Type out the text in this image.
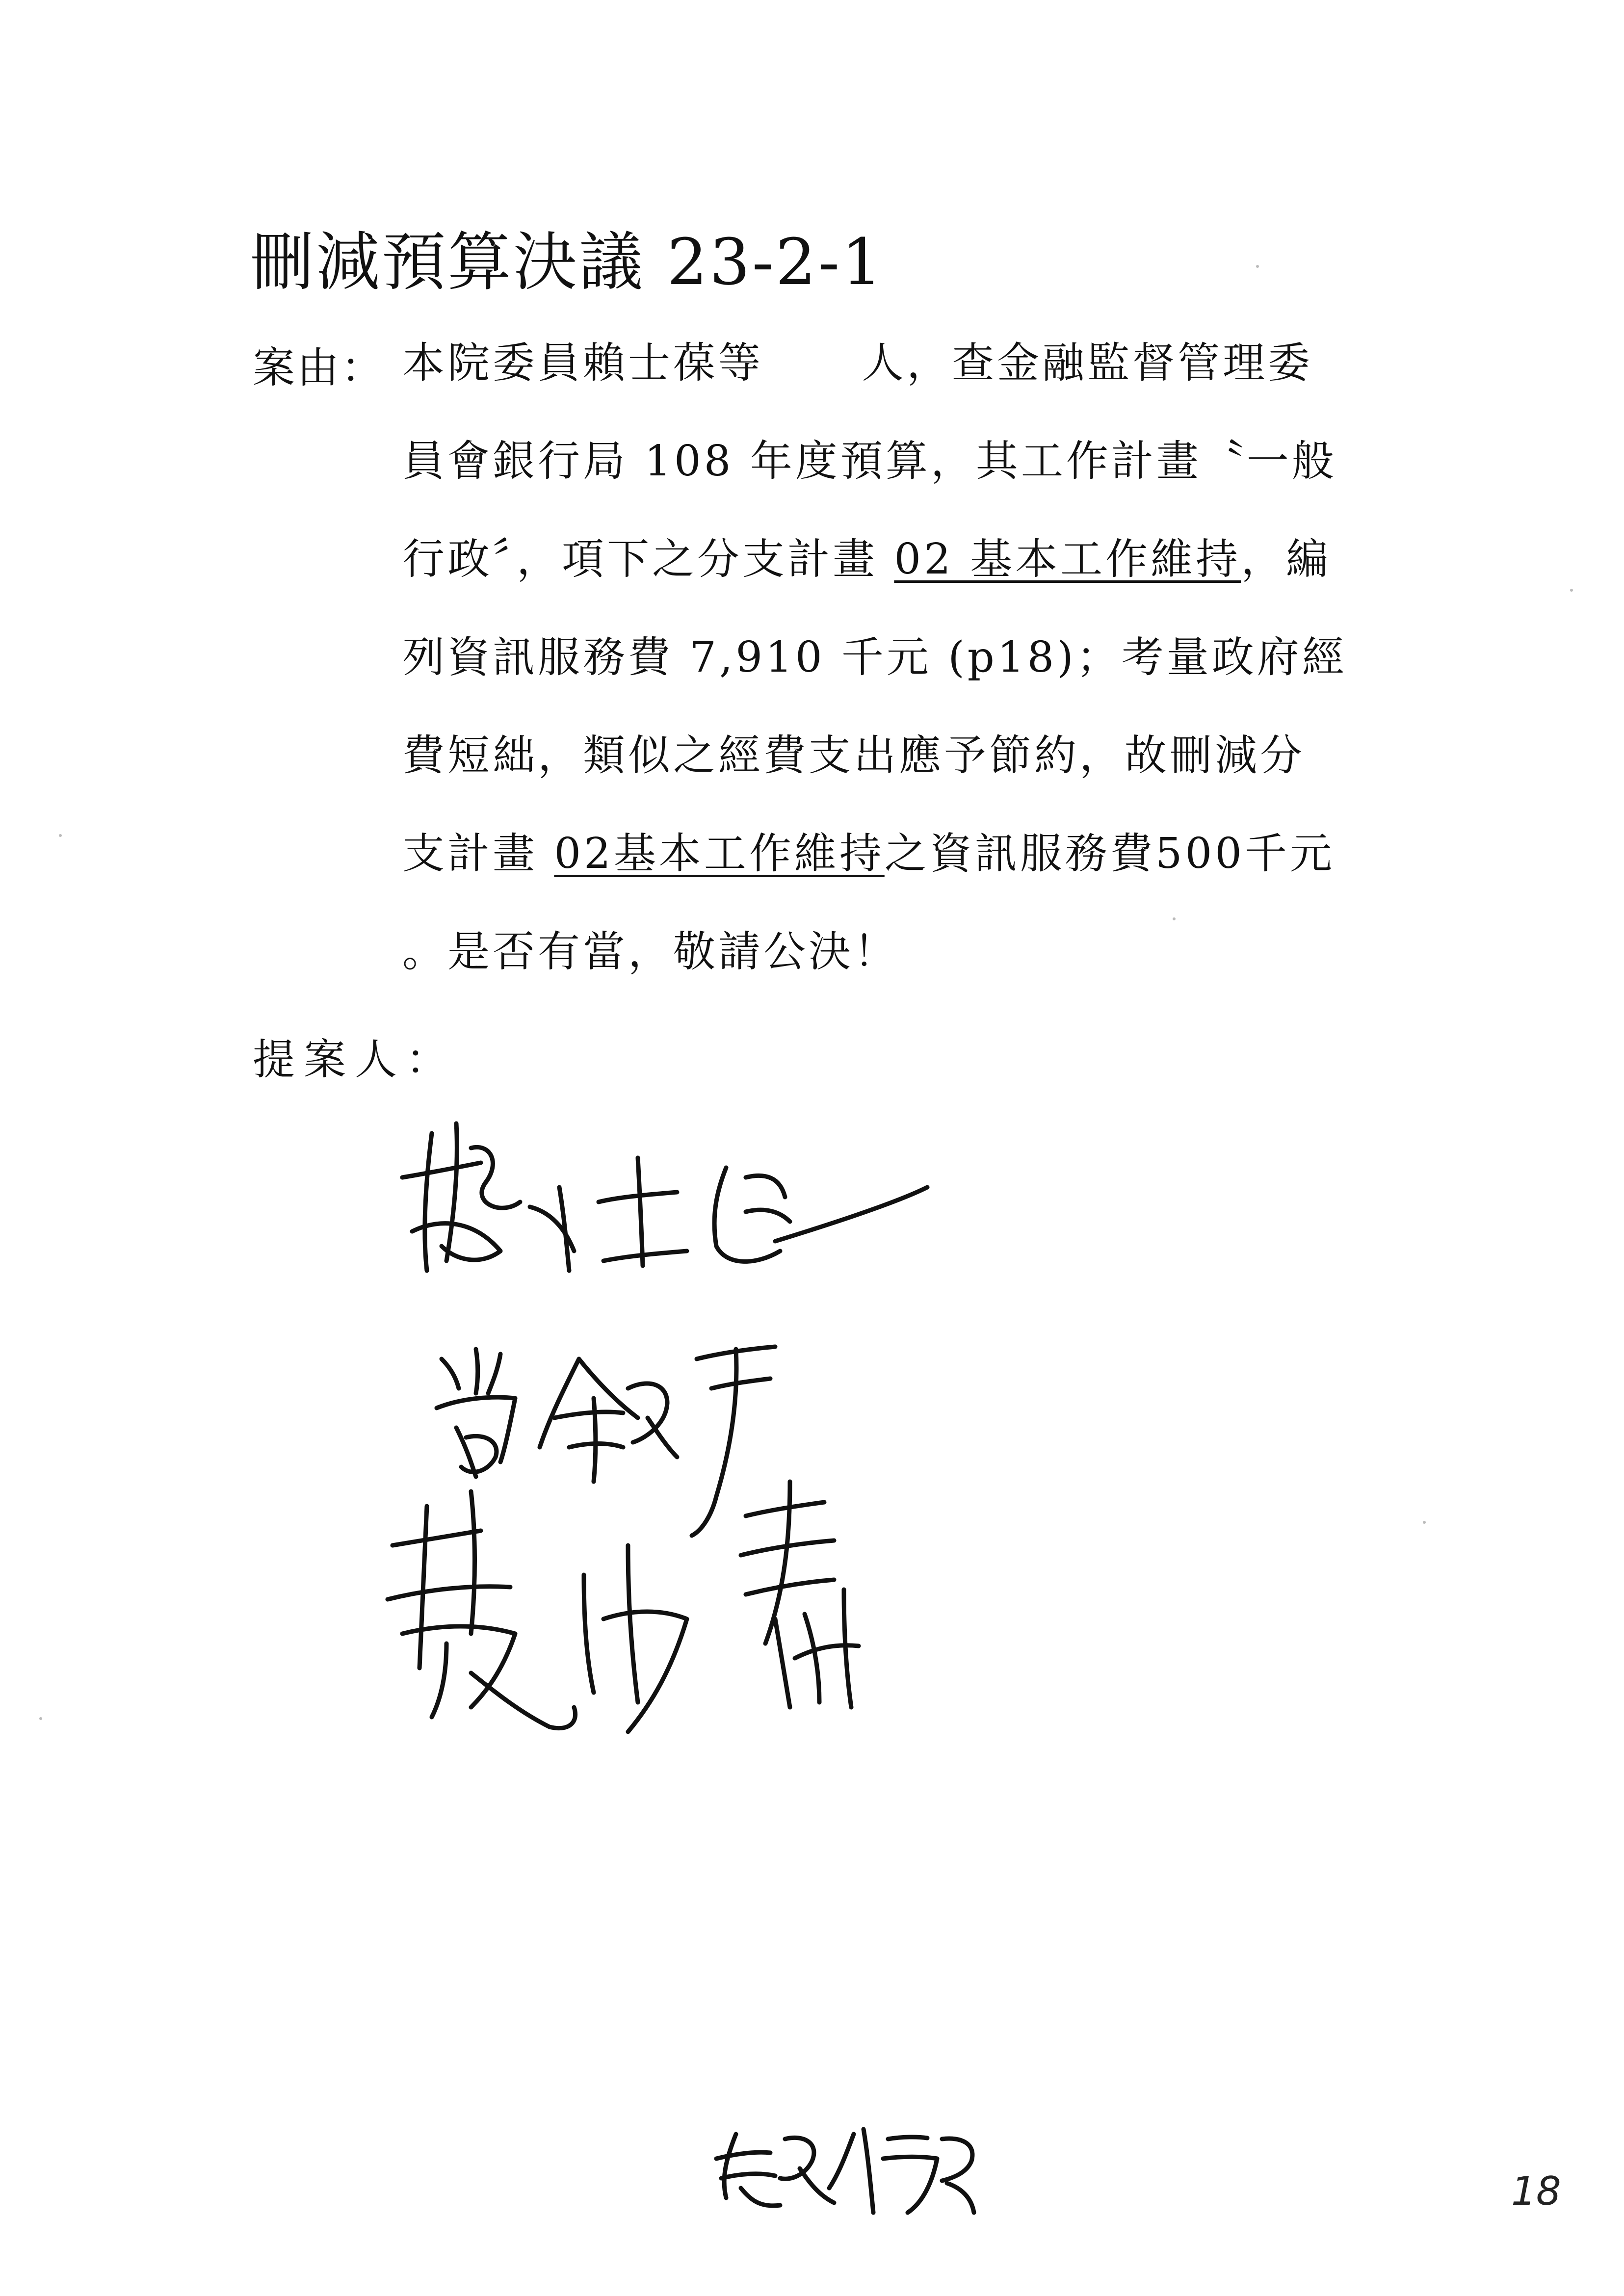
刪減預算決議 23-2-1
案由： 本院委員賴士葆等 人，查金融監督管理委
員會銀行局 108 年度預算，其工作計畫〝一般
行政〞，項下之分支計畫 02 基本工作維持，編
列資訊服務費 7,910 千元 (p18)；考量政府經
費短絀，類似之經費支出應予節約，故刪減分
支計畫 02基本工作維持之資訊服務費500千元
。是否有當，敬請公決！
提案人：
18
